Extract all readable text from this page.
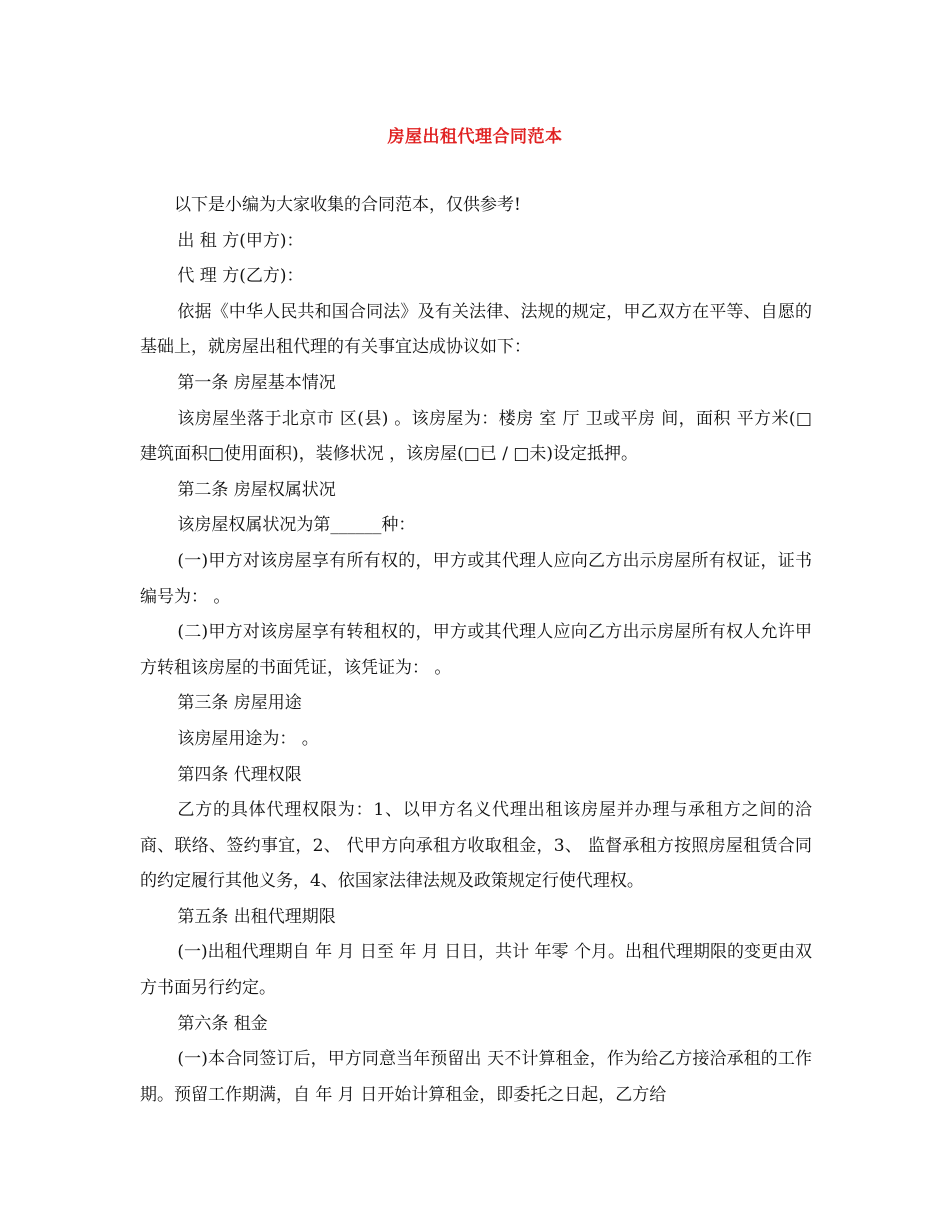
房屋出租代理合同范本

以下是小编为大家收集的合同范本，仅供参考!

出 租 方(甲方)：

代 理 方(乙方)：

依据《中华人民共和国合同法》及有关法律、法规的规定，甲乙双方在平等、自愿的基础上，就房屋出租代理的有关事宜达成协议如下：

第一条 房屋基本情况

该房屋坐落于北京市 区(县) 。该房屋为：楼房 室 厅 卫或平房 间，面积 平方米(□建筑面积□使用面积)，装修状况 ，该房屋(□已 / □未)设定抵押。

第二条 房屋权属状况

该房屋权属状况为第______种：

(一)甲方对该房屋享有所有权的，甲方或其代理人应向乙方出示房屋所有权证，证书编号为： 。

(二)甲方对该房屋享有转租权的，甲方或其代理人应向乙方出示房屋所有权人允许甲方转租该房屋的书面凭证，该凭证为： 。

第三条 房屋用途

该房屋用途为： 。

第四条 代理权限

乙方的具体代理权限为：1、以甲方名义代理出租该房屋并办理与承租方之间的洽商、联络、签约事宜，2、 代甲方向承租方收取租金，3、 监督承租方按照房屋租赁合同的约定履行其他义务，4、依国家法律法规及政策规定行使代理权。

第五条 出租代理期限

(一)出租代理期自 年 月 日至 年 月 日日，共计 年零 个月。出租代理期限的变更由双方书面另行约定。

第六条 租金

(一)本合同签订后，甲方同意当年预留出 天不计算租金，作为给乙方接洽承租的工作期。预留工作期满，自 年 月 日开始计算租金，即委托之日起，乙方给
